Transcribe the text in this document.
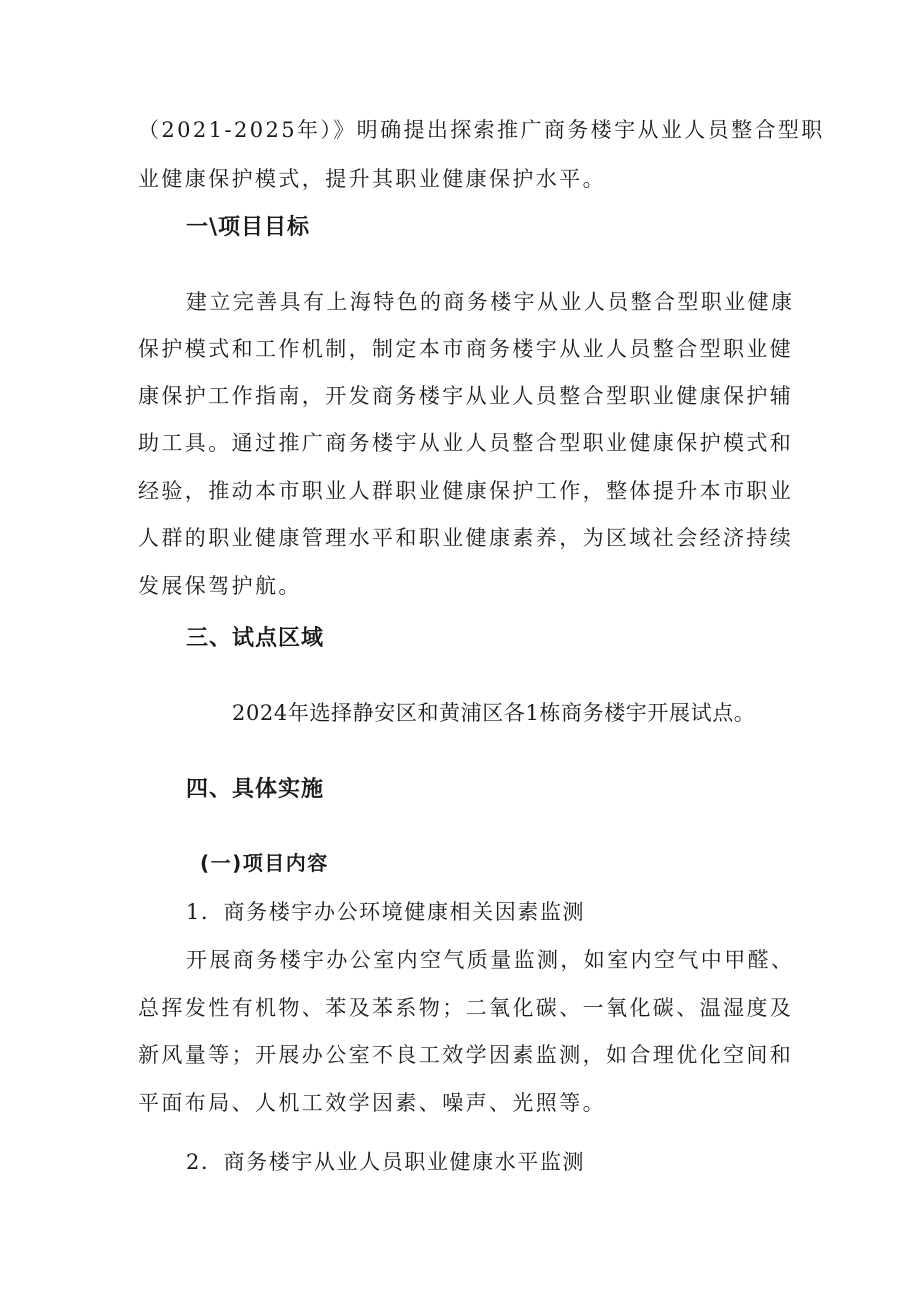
（2021-2025年）》明确提出探索推广商务楼宇从业人员整合型职
业健康保护模式，提升其职业健康保护水平。
一\项目目标
建立完善具有上海特色的商务楼宇从业人员整合型职业健康
保护模式和工作机制，制定本市商务楼宇从业人员整合型职业健
康保护工作指南，开发商务楼宇从业人员整合型职业健康保护辅
助工具。通过推广商务楼宇从业人员整合型职业健康保护模式和
经验，推动本市职业人群职业健康保护工作，整体提升本市职业
人群的职业健康管理水平和职业健康素养，为区域社会经济持续
发展保驾护航。
三、试点区域
2024年选择静安区和黄浦区各1栋商务楼宇开展试点。
四、具体实施
(一)项目内容
1．商务楼宇办公环境健康相关因素监测
开展商务楼宇办公室内空气质量监测，如室内空气中甲醛、
总挥发性有机物、苯及苯系物；二氧化碳、一氧化碳、温湿度及
新风量等；开展办公室不良工效学因素监测，如合理优化空间和
平面布局、人机工效学因素、噪声、光照等。
2．商务楼宇从业人员职业健康水平监测
